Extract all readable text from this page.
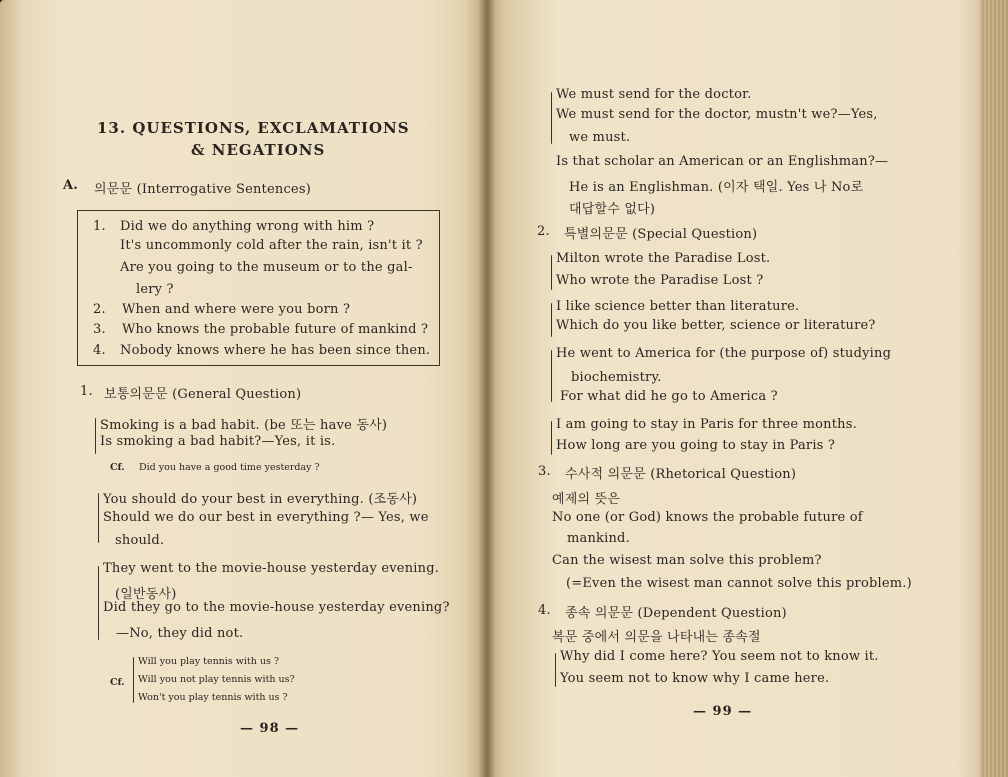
13. QUESTIONS, EXCLAMATIONS
& NEGATIONS
A. 의문문 (Interrogative Sentences)
1. Did we do anything wrong with him ?
It's uncommonly cold after the rain, isn't it ?
Are you going to the museum or to the gal-
lery ?
2. When and where were you born ?
3. Who knows the probable future of mankind ?
4. Nobody knows where he has been since then.
1. 보통의문문 (General Question)
Smoking is a bad habit. (be 또는 have 동사)
Is smoking a bad habit?—Yes, it is.
Cf. Did you have a good time yesterday ?
You should do your best in everything. (조동사)
Should we do our best in everything ?— Yes, we
should.
They went to the movie-house yesterday evening.
(일반동사)
Did they go to the movie-house yesterday evening?
—No, they did not.
Cf.
Will you play tennis with us ?
Will you not play tennis with us?
Won't you play tennis with us ?
— 98 —
We must send for the doctor.
We must send for the doctor, mustn't we?—Yes,
we must.
Is that scholar an American or an Englishman?—
He is an Englishman. (이자 택일. Yes 나 No로
대답할수 없다)
2. 특별의문문 (Special Question)
Milton wrote the Paradise Lost.
Who wrote the Paradise Lost ?
I like science better than literature.
Which do you like better, science or literature?
He went to America for (the purpose of) studying
biochemistry.
For what did he go to America ?
I am going to stay in Paris for three months.
How long are you going to stay in Paris ?
3. 수사적 의문문 (Rhetorical Question)
예제의 뜻은
No one (or God) knows the probable future of
mankind.
Can the wisest man solve this problem?
(=Even the wisest man cannot solve this problem.)
4. 종속 의문문 (Dependent Question)
복문 중에서 의문을 나타내는 종속절
Why did I come here? You seem not to know it.
You seem not to know why I came here.
— 99 —
